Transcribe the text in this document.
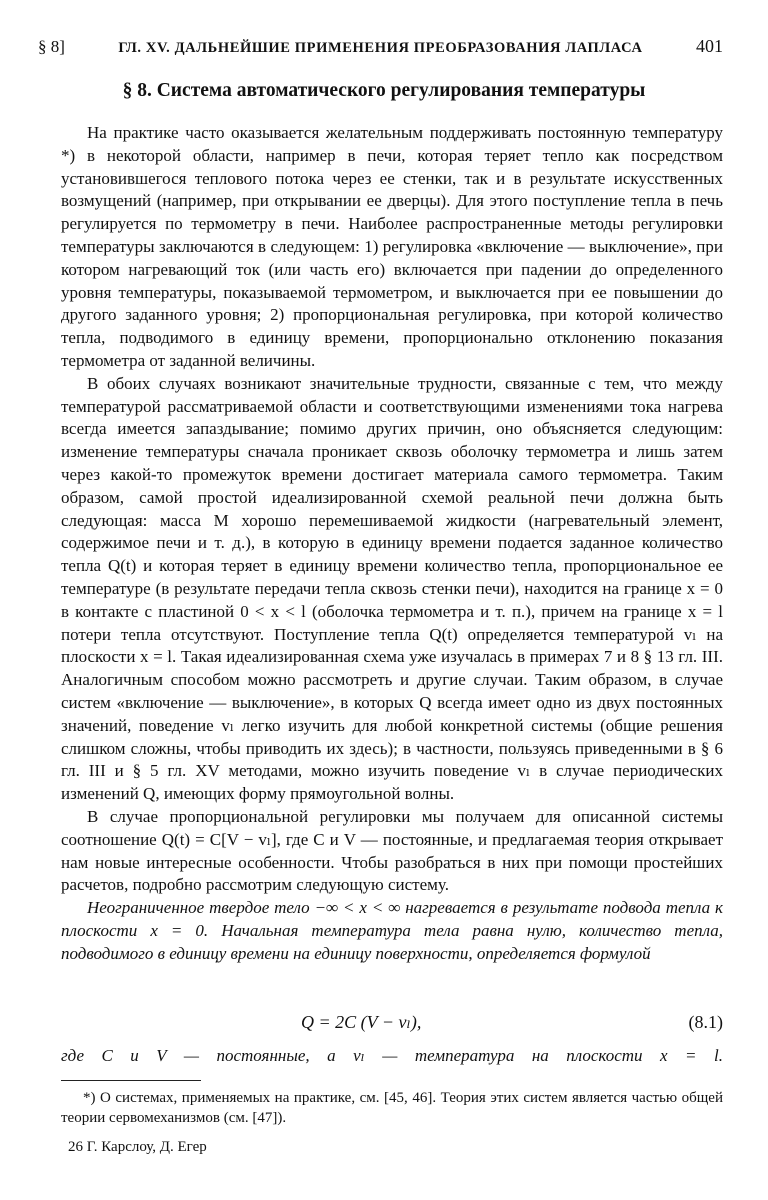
§ 8]	ГЛ. XV. ДАЛЬНЕЙШИЕ ПРИМЕНЕНИЯ ПРЕОБРАЗОВАНИЯ ЛАПЛАСА	401
§ 8. Система автоматического регулирования температуры

На практике часто оказывается желательным поддерживать постоянную температуру *) в некоторой области, например в печи, которая теряет тепло как посредством установившегося теплового потока через ее стенки, так и в результате искусственных возмущений (например, при открывании ее дверцы). Для этого поступление тепла в печь регулируется по термометру в печи. Наиболее распространенные методы регулировки температуры заключаются в следующем: 1) регулировка «включение — выключение», при котором нагревающий ток (или часть его) включается при падении до определенного уровня температуры, показываемой термометром, и выключается при ее повышении до другого заданного уровня; 2) пропорциональная регулировка, при которой количество тепла, подводимого в единицу времени, пропорционально отклонению показания термометра от заданной величины.

В обоих случаях возникают значительные трудности, связанные с тем, что между температурой рассматриваемой области и соответствующими изменениями тока нагрева всегда имеется запаздывание; помимо других причин, оно объясняется следующим: изменение температуры сначала проникает сквозь оболочку термометра и лишь затем через какой-то промежуток времени достигает материала самого термометра. Таким образом, самой простой идеализированной схемой реальной печи должна быть следующая: масса M хорошо перемешиваемой жидкости (нагревательный элемент, содержимое печи и т. д.), в которую в единицу времени подается заданное количество тепла Q(t) и которая теряет в единицу времени количество тепла, пропорциональное ее температуре (в результате передачи тепла сквозь стенки печи), находится на границе x = 0 в контакте с пластиной 0 < x < l (оболочка термометра и т. п.), причем на границе x = l потери тепла отсутствуют. Поступление тепла Q(t) определяется температурой vₗ на плоскости x = l. Такая идеализированная схема уже изучалась в примерах 7 и 8 § 13 гл. III. Аналогичным способом можно рассмотреть и другие случаи. Таким образом, в случае систем «включение — выключение», в которых Q всегда имеет одно из двух постоянных значений, поведение vₗ легко изучить для любой конкретной системы (общие решения слишком сложны, чтобы приводить их здесь); в частности, пользуясь приведенными в § 6 гл. III и § 5 гл. XV методами, можно изучить поведение vₗ в случае периодических изменений Q, имеющих форму прямоугольной волны.

В случае пропорциональной регулировки мы получаем для описанной системы соотношение Q(t) = C[V − vₗ], где C и V — постоянные, и предлагаемая теория открывает нам новые интересные особенности. Чтобы разобраться в них при помощи простейших расчетов, подробно рассмотрим следующую систему.

Неограниченное твердое тело −∞ < x < ∞ нагревается в результате подвода тепла к плоскости x = 0. Начальная температура тела равна нулю, количество тепла, подводимого в единицу времени на единицу поверхности, определяется формулой

Q = 2C (V − vₗ),	(8.1)
где C и V — постоянные, а vₗ — температура на плоскости x = l.

*) О системах, применяемых на практике, см. [45, 46]. Теория этих систем является частью общей теории сервомеханизмов (см. [47]).

26 Г. Карслоу, Д. Егер
